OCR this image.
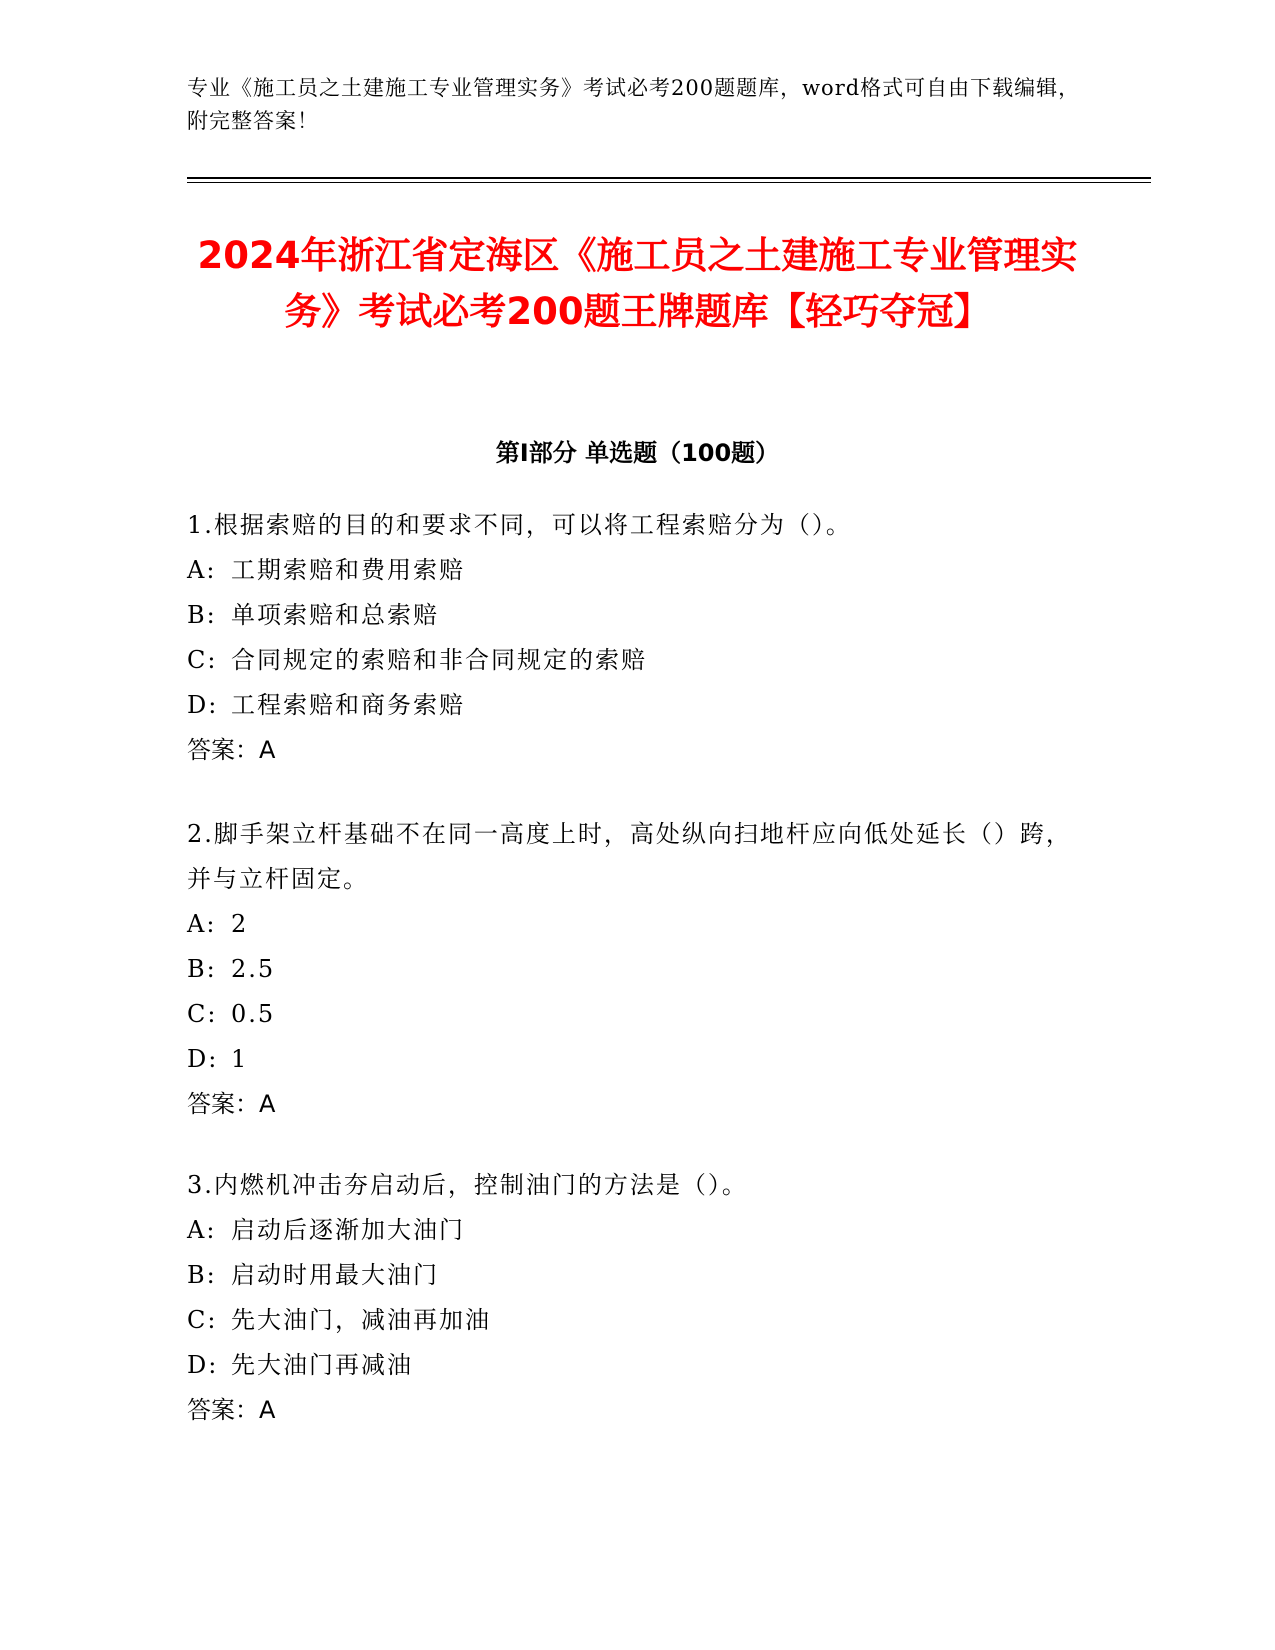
专业《施工员之土建施工专业管理实务》考试必考200题题库，word格式可自由下载编辑，附完整答案！
2024年浙江省定海区《施工员之土建施工专业管理实务》考试必考200题王牌题库【轻巧夺冠】
第Ⅰ部分 单选题（100题）

1.根据索赔的目的和要求不同，可以将工程索赔分为（）。

A: 工期索赔和费用索赔

B: 单项索赔和总索赔

C: 合同规定的索赔和非合同规定的索赔

D: 工程索赔和商务索赔

答案：A

2.脚手架立杆基础不在同一高度上时，高处纵向扫地杆应向低处延长（）跨，并与立杆固定。

A: 2

B: 2.5

C: 0.5

D: 1

答案：A

3.内燃机冲击夯启动后，控制油门的方法是（）。

A: 启动后逐渐加大油门

B: 启动时用最大油门

C: 先大油门，减油再加油

D: 先大油门再减油

答案：A
